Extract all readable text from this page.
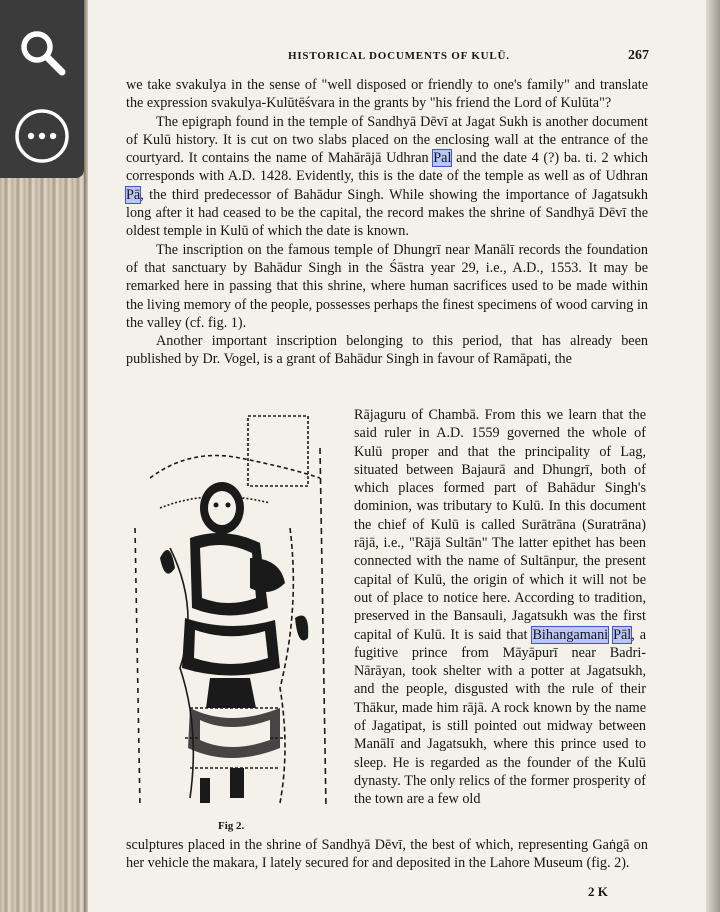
HISTORICAL DOCUMENTS OF KULŪ.	267

we take svakulya in the sense of "well disposed or friendly to one's family" and translate the expression svakulya-Kulūtēśvara in the grants by "his friend the Lord of Kulūta"?

The epigraph found in the temple of Sandhyā Dēvī at Jagat Sukh is another document of Kulū history. It is cut on two slabs placed on the enclosing wall at the entrance of the courtyard. It contains the name of Mahārājā Udhran Pal and the date 4 (?) ba. ti. 2 which corresponds with A.D. 1428. Evidently, this is the date of the temple as well as of Udhran Pā, the third predecessor of Bahādur Singh. While showing the importance of Jagatsukh long after it had ceased to be the capital, the record makes the shrine of Sandhyā Dēvī the oldest temple in Kulū of which the date is known.

The inscription on the famous temple of Dhungrī near Manālī records the foundation of that sanctuary by Bahādur Singh in the Śāstra year 29, i.e., A.D., 1553. It may be remarked here in passing that this shrine, where human sacrifices used to be made within the living memory of the people, possesses perhaps the finest specimens of wood carving in the valley (cf. fig. 1).

Another important inscription belonging to this period, that has already been published by Dr. Vogel, is a grant of Bahādur Singh in favour of Ramāpati, the

Fig 2.

Rājaguru of Chambā. From this we learn that the said ruler in A.D. 1559 governed the whole of Kulū proper and that the principality of Lag, situated between Bajaurā and Dhungrī, both of which places formed part of Bahādur Singh's dominion, was tributary to Kulū. In this document the chief of Kulū is called Surātrāna (Suratrāna) rājā, i.e., "Rājā Sultān" The latter epithet has been connected with the name of Sultānpur, the present capital of Kulū, the origin of which it will not be out of place to notice here. According to tradition, preserved in the Bansauli, Jagatsukh was the first capital of Kulū. It is said that Bihangamani Pāl, a fugitive prince from Māyāpurī near Badri-Nārāyan, took shelter with a potter at Jagatsukh, and the people, disgusted with the rule of their Thākur, made him rājā. A rock known by the name of Jagatipat, is still pointed out midway between Manālī and Jagatsukh, where this prince used to sleep. He is regarded as the founder of the Kulū dynasty. The only relics of the former prosperity of the town are a few old

sculptures placed in the shrine of Sandhyā Dēvī, the best of which, representing Gaṅgā on her vehicle the makara, I lately secured for and deposited in the Lahore Museum (fig. 2).

2 K
